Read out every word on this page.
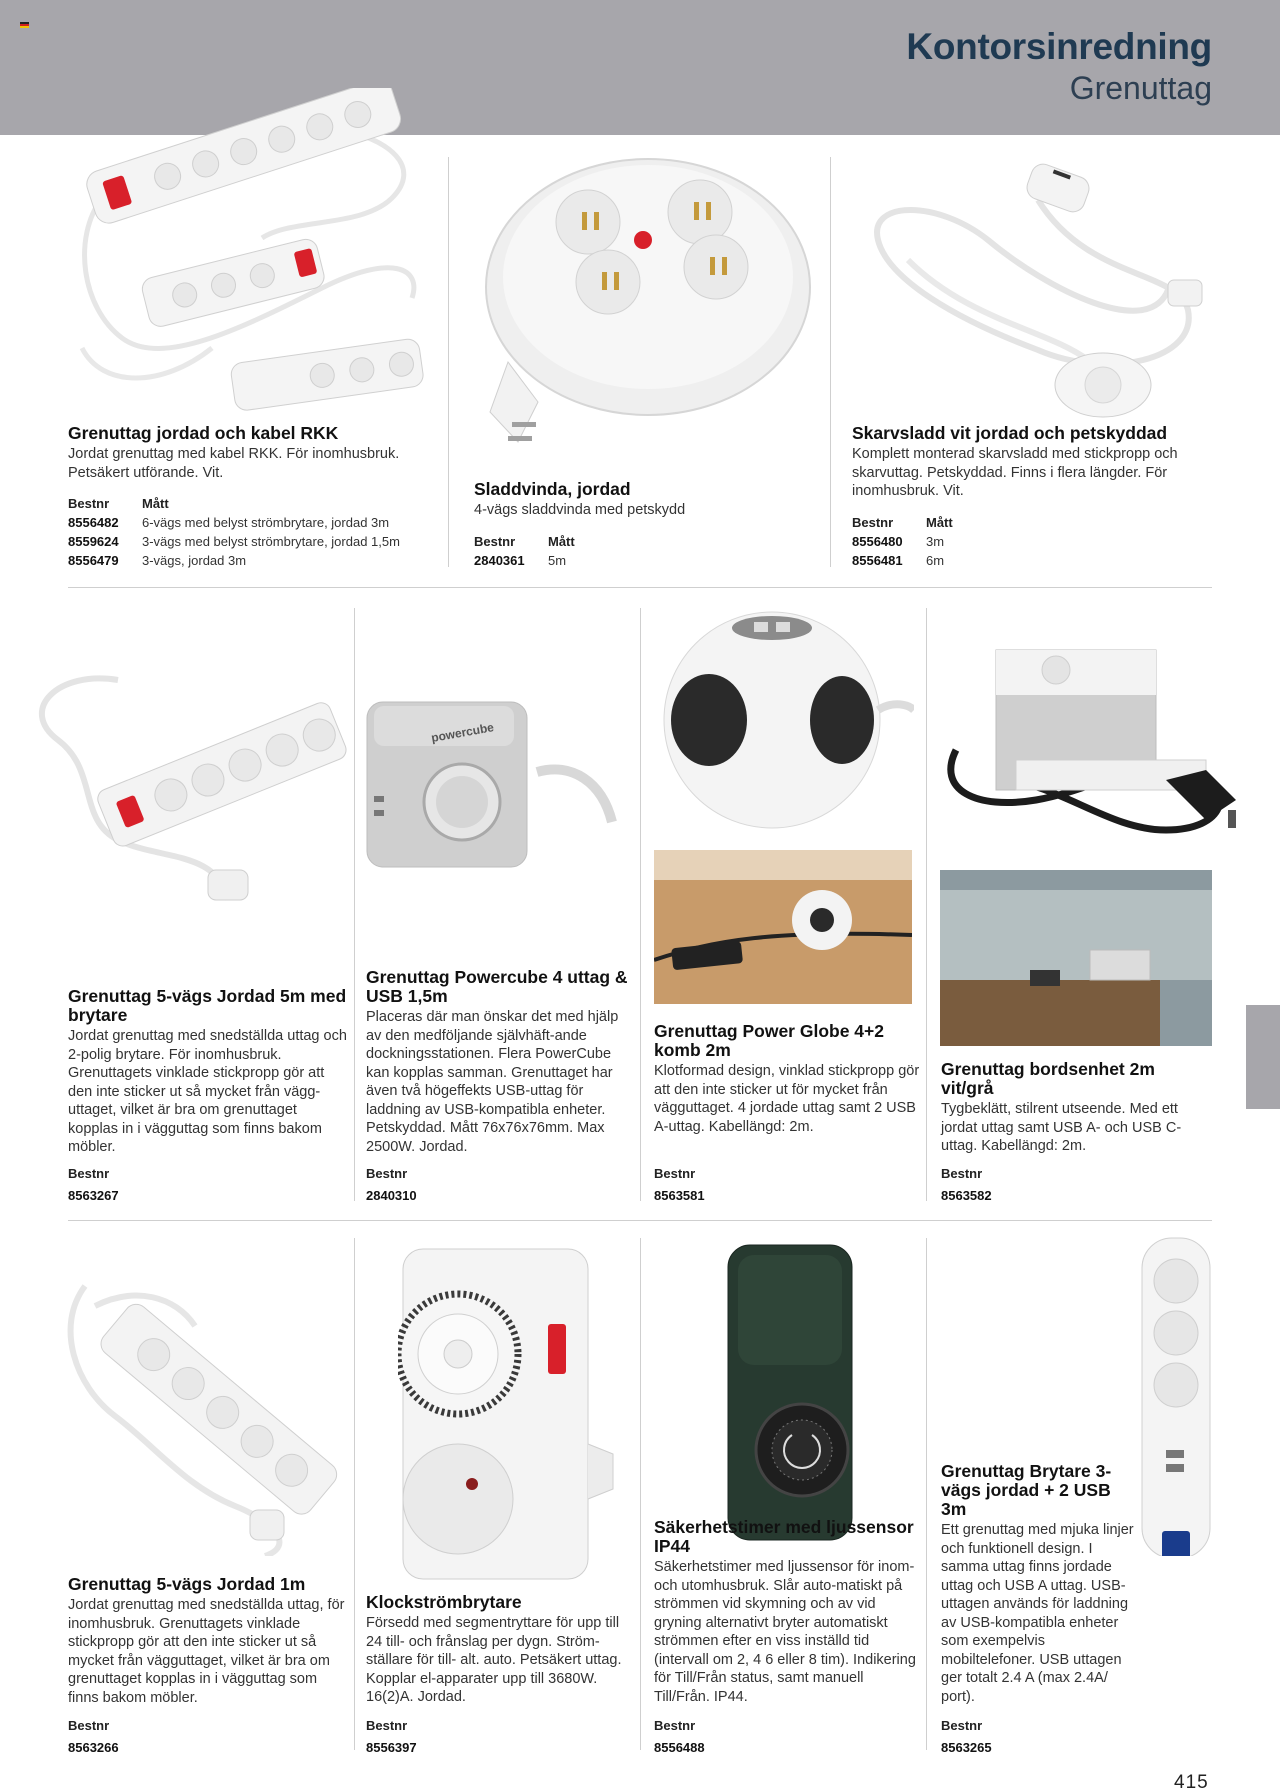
Kontorsinredning
Grenuttag
Grenuttag jordad och kabel RKK
Jordat grenuttag med kabel RKK. För inomhusbruk. Petsäkert utförande. Vit.
Bestnr	Mått
8556482	6-vägs med belyst strömbrytare, jordad 3m
8559624	3-vägs med belyst strömbrytare, jordad 1,5m
8556479	3-vägs, jordad 3m
Sladdvinda, jordad
4-vägs sladdvinda med petskydd
Bestnr	Mått
2840361	5m
Skarvsladd vit jordad och petskyddad
Komplett monterad skarvsladd med stickpropp och skarvuttag. Petskyddad. Finns i flera längder. För inomhusbruk. Vit.
Bestnr	Mått
8556480	3m
8556481	6m
powercube
Grenuttag 5-vägs Jordad 5m med brytare
Jordat grenuttag med snedställda uttag och 2-polig brytare. För inomhusbruk. Grenuttagets vinklade stickpropp gör att den inte sticker ut så mycket från vägg-uttaget, vilket är bra om grenuttaget kopplas in i vägguttag som finns bakom möbler.
Bestnr
8563267
Grenuttag Powercube 4 uttag & USB 1,5m
Placeras där man önskar det med hjälp av den medföljande självhäft-ande dockningsstationen. Flera PowerCube kan kopplas samman. Grenuttaget har även två högeffekts USB-uttag för laddning av USB-kompatibla enheter. Petskyddad. Mått 76x76x76mm. Max 2500W. Jordad.
Bestnr
2840310
Grenuttag Power Globe 4+2 komb 2m
Klotformad design, vinklad stickpropp gör att den inte sticker ut för mycket från vägguttaget. 4 jordade uttag samt 2 USB A-uttag. Kabellängd: 2m.
Bestnr
8563581
Grenuttag bordsenhet 2m vit/grå
Tygbeklätt, stilrent utseende. Med ett jordat uttag samt USB A- och USB C-uttag. Kabellängd: 2m.
Bestnr
8563582
Grenuttag 5-vägs Jordad 1m
Jordat grenuttag med snedställda uttag, för inomhusbruk. Grenuttagets vinklade stickpropp gör att den inte sticker ut så mycket från vägguttaget, vilket är bra om grenuttaget kopplas in i vägguttag som finns bakom möbler.
Bestnr
8563266
Klockströmbrytare
Försedd med segmentryttare för upp till 24 till- och frånslag per dygn. Ström-ställare för till- alt. auto. Petsäkert uttag. Kopplar el-apparater upp till 3680W. 16(2)A. Jordad.
Bestnr
8556397
Säkerhetstimer med ljussensor IP44
Säkerhetstimer med ljussensor för inom- och utomhusbruk. Slår auto-matiskt på strömmen vid skymning och av vid gryning alternativt bryter automatiskt strömmen efter en viss inställd tid (intervall om 2, 4 6 eller 8 tim). Indikering för Till/Från status, samt manuell Till/Från. IP44.
Bestnr
8556488
Grenuttag Brytare 3-vägs jordad + 2 USB 3m
Ett grenuttag med mjuka linjer och funktionell design. I samma uttag finns jordade uttag och USB A uttag. USB-uttagen används för laddning av USB-kompatibla enheter som exempelvis mobiltelefoner. USB uttagen ger totalt 2.4 A (max 2.4A/ port).
Bestnr
8563265
415
